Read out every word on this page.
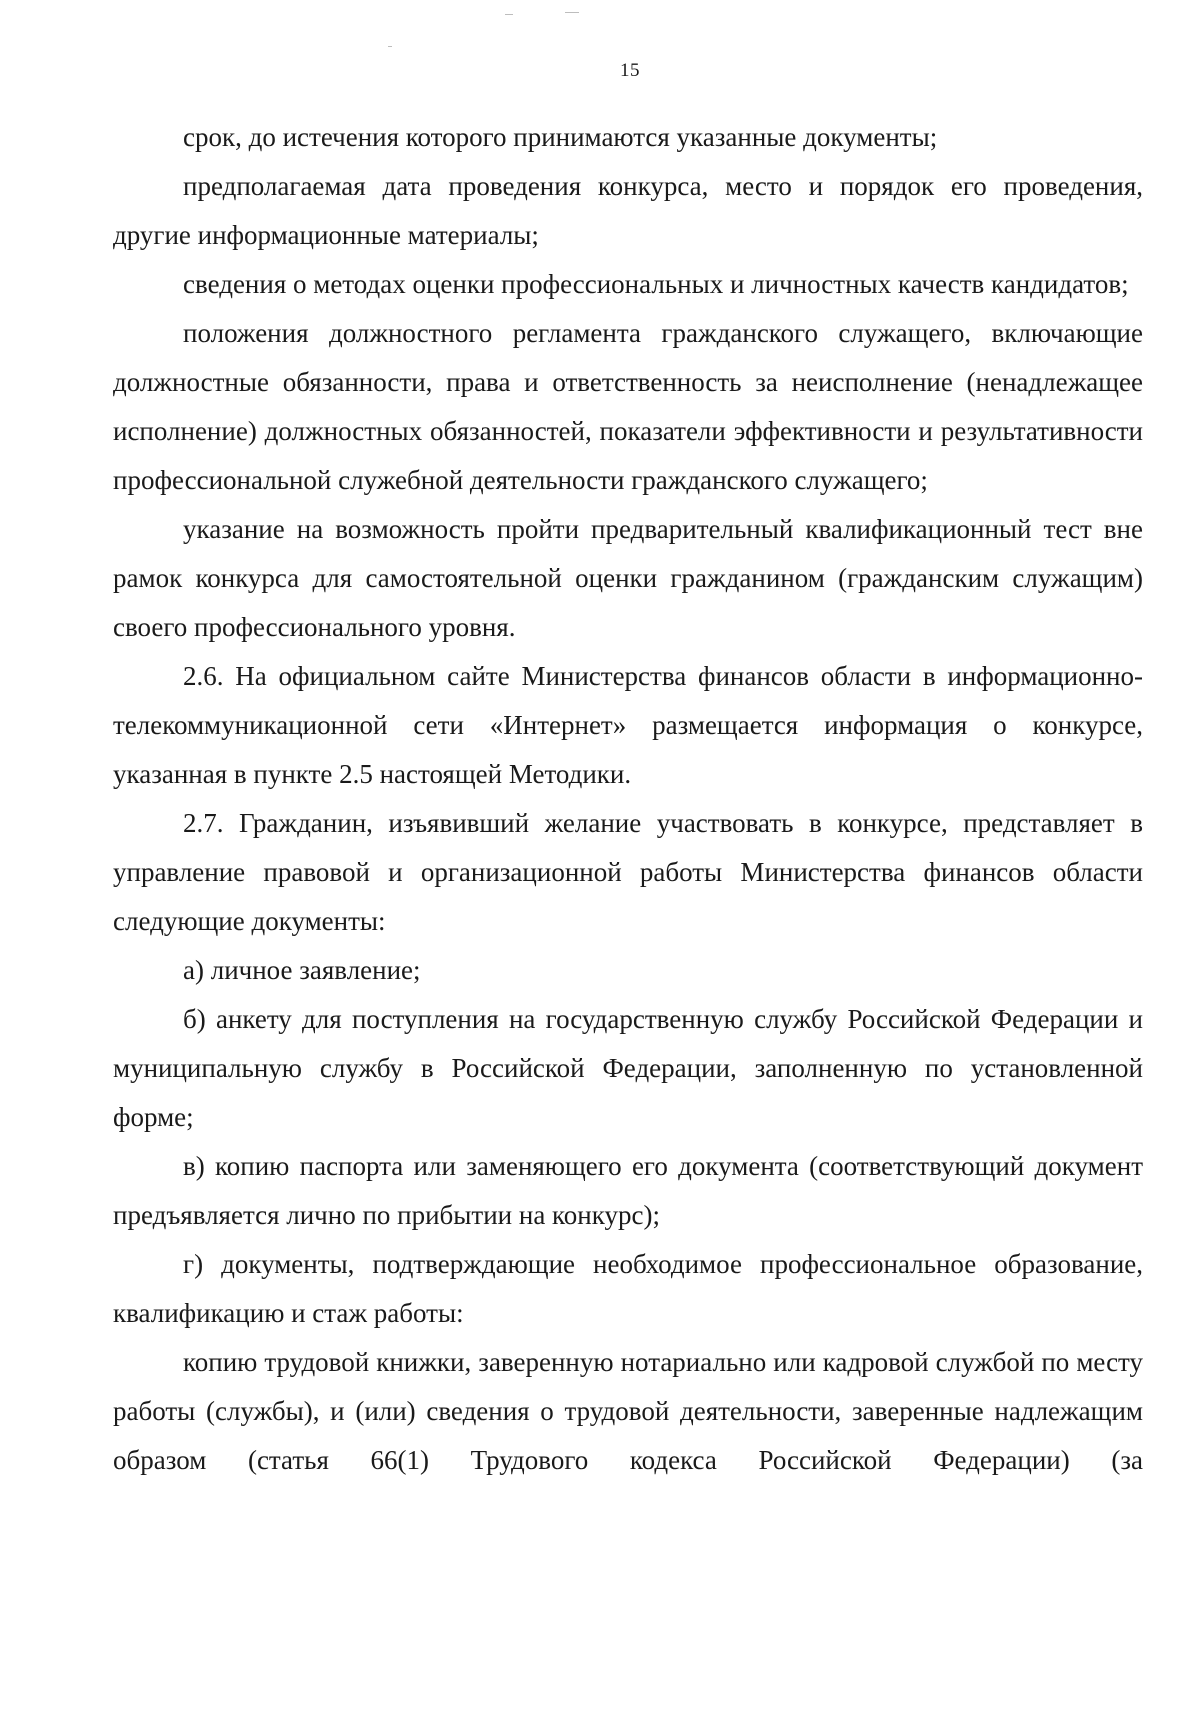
15

срок, до истечения которого принимаются указанные документы;

предполагаемая дата проведения конкурса, место и порядок его проведения, другие информационные материалы;

сведения о методах оценки профессиональных и личностных качеств кандидатов;

положения должностного регламента гражданского служащего, включающие должностные обязанности, права и ответственность за неисполнение (ненадлежащее исполнение) должностных обязанностей, показатели эффективности и результативности профессиональной служебной деятельности гражданского служащего;

указание на возможность пройти предварительный квалификационный тест вне рамок конкурса для самостоятельной оценки гражданином (гражданским служащим) своего профессионального уровня.

2.6. На официальном сайте Министерства финансов области в информационно-телекоммуникационной сети «Интернет» размещается информация о конкурсе, указанная в пункте 2.5 настоящей Методики.

2.7. Гражданин, изъявивший желание участвовать в конкурсе, представляет в управление правовой и организационной работы Министерства финансов области следующие документы:

а) личное заявление;

б) анкету для поступления на государственную службу Российской Федерации и муниципальную службу в Российской Федерации, заполненную по установленной форме;

в) копию паспорта или заменяющего его документа (соответствующий документ предъявляется лично по прибытии на конкурс);

г) документы, подтверждающие необходимое профессиональное образование, квалификацию и стаж работы:

копию трудовой книжки, заверенную нотариально или кадровой службой по месту работы (службы), и (или) сведения о трудовой деятельности, заверенные надлежащим образом (статья 66(1) Трудового кодекса Российской Федерации) (за
